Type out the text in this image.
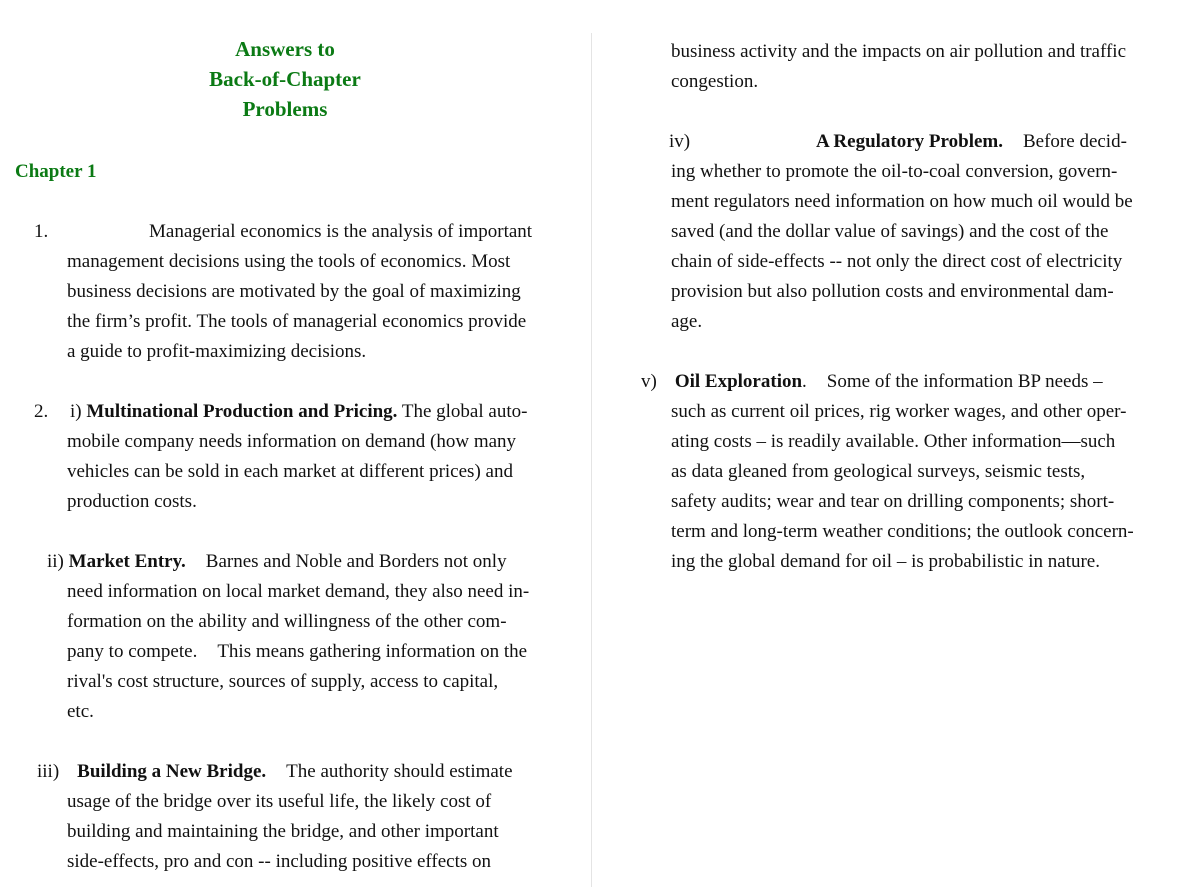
Answers to
Back-of-Chapter
Problems
Chapter 1
1.	Managerial economics is the analysis of important
management decisions using the tools of economics. Most
business decisions are motivated by the goal of maximizing
the firm’s profit. The tools of managerial economics provide
a guide to profit-maximizing decisions.
2. i) Multinational Production and Pricing. The global auto-
mobile company needs information on demand (how many
vehicles can be sold in each market at different prices) and
production costs.
ii) Market Entry. Barnes and Noble and Borders not only
need information on local market demand, they also need in-
formation on the ability and willingness of the other com-
pany to compete. This means gathering information on the
rival's cost structure, sources of supply, access to capital,
etc.
iii) Building a New Bridge. The authority should estimate
usage of the bridge over its useful life, the likely cost of
building and maintaining the bridge, and other important
side-effects, pro and con -- including positive effects on
business activity and the impacts on air pollution and traffic
congestion.
iv)	A Regulatory Problem. Before decid-
ing whether to promote the oil-to-coal conversion, govern-
ment regulators need information on how much oil would be
saved (and the dollar value of savings) and the cost of the
chain of side-effects -- not only the direct cost of electricity
provision but also pollution costs and environmental dam-
age.
v) Oil Exploration. Some of the information BP needs –
such as current oil prices, rig worker wages, and other oper-
ating costs – is readily available. Other information—such
as data gleaned from geological surveys, seismic tests,
safety audits; wear and tear on drilling components; short-
term and long-term weather conditions; the outlook concern-
ing the global demand for oil – is probabilistic in nature.
